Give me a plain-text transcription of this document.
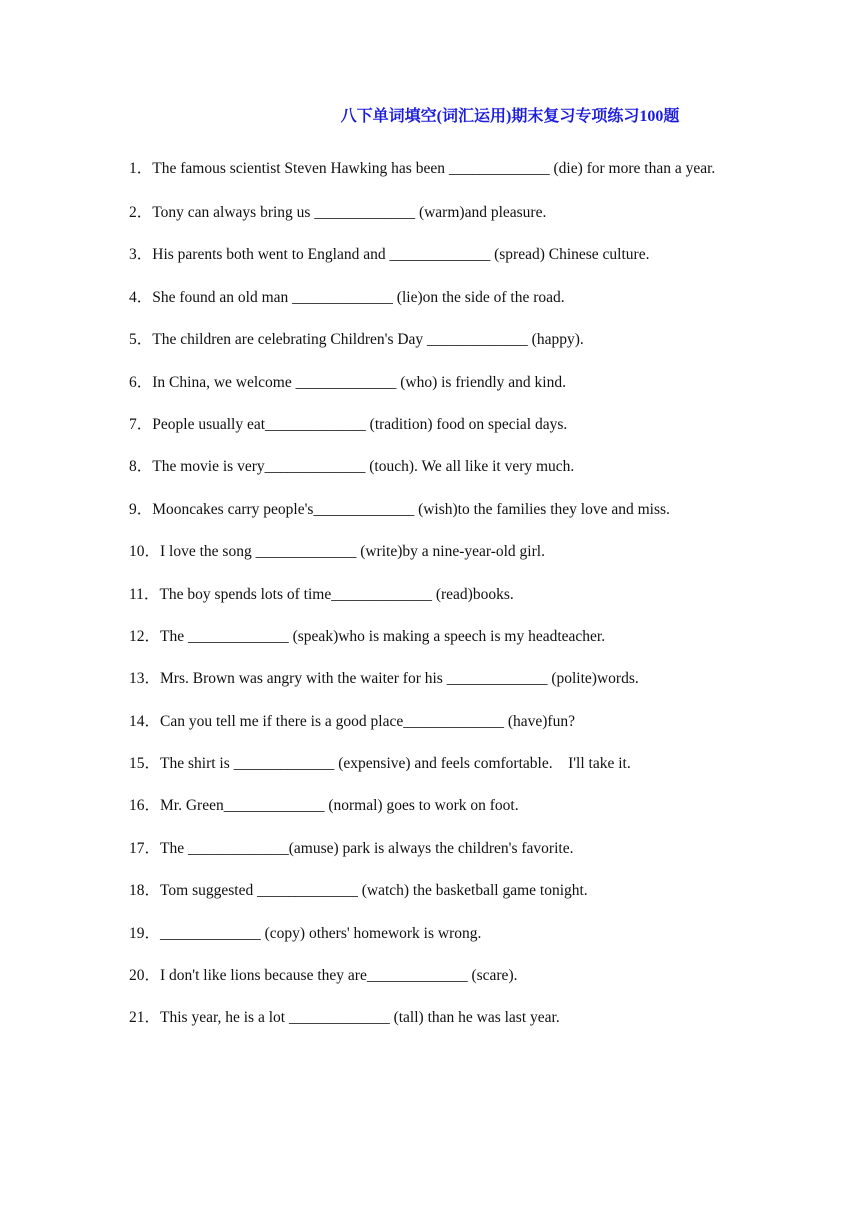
八下单词填空(词汇运用)期末复习专项练习100题
1．The famous scientist Steven Hawking has been _____________ (die) for more than a year.
2．Tony can always bring us _____________ (warm)and pleasure.
3．His parents both went to England and _____________ (spread) Chinese culture.
4．She found an old man _____________ (lie)on the side of the road.
5．The children are celebrating Children's Day _____________ (happy).
6．In China, we welcome _____________ (who) is friendly and kind.
7．People usually eat_____________ (tradition) food on special days.
8．The movie is very_____________ (touch). We all like it very much.
9．Mooncakes carry people's_____________ (wish)to the families they love and miss.
10．I love the song _____________ (write)by a nine-year-old girl.
11．The boy spends lots of time_____________ (read)books.
12．The _____________ (speak)who is making a speech is my headteacher.
13．Mrs. Brown was angry with the waiter for his _____________ (polite)words.
14．Can you tell me if there is a good place_____________ (have)fun?
15．The shirt is _____________ (expensive) and feels comfortable.    I'll take it.
16．Mr. Green_____________ (normal) goes to work on foot.
17．The _____________(amuse) park is always the children's favorite.
18．Tom suggested _____________ (watch) the basketball game tonight.
19．_____________ (copy) others' homework is wrong.
20．I don't like lions because they are_____________ (scare).
21．This year, he is a lot _____________ (tall) than he was last year.
